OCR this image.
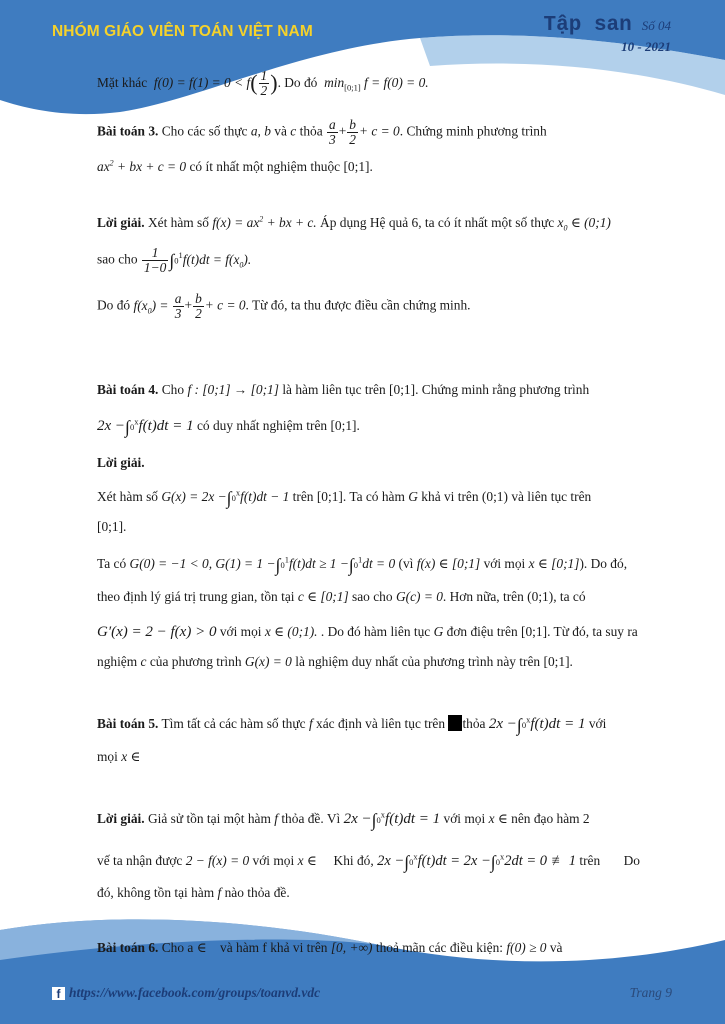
NHÓM GIÁO VIÊN TOÁN VIỆT NAM	Tập san Số 04
10 - 2021
Mặt khác  $f(0) = f(1) = 0 < f( \frac{1}{2}$ ). Do đó  $\min_{[0;1]} f = f(0) = 0$.
Bài toán 3. Cho các số thực a, b và c thỏa $\frac{a}{3} + \frac{b}{2} + c = 0$. Chứng minh phương trình
$ax^2$ + bx + c = 0 có ít nhất một nghiệm thuộc [0;1].
Lời giải. Xét hàm số $f(x) = ax^2$ + bx + c. Áp dụng Hệ quả 6, ta có ít nhất một số thực $x_0$ ∈ (0;1)
sao cho $\frac{1}{1-0} \int 0^1f(t)dt = f(x_0)$.
Do đó $f(x_0) = \frac{a}{3} + \frac{b}{2} + c = 0$. Từ đó, ta thu được điều cần chứng minh.
Bài toán 4. Cho f : [0;1] → [0;1] là hàm liên tục trên [0;1]. Chứng minh rằng phương trình
$2x -\int 0^xf(t)dt = 1$ có duy nhất nghiệm trên [0;1].
Lời giải.
Xét hàm số $G(x) = 2x -\int 0^xf(t)dt - 1$ trên [0;1]. Ta có hàm G khả vi trên (0;1) và liên tục trên
[0;1].
Ta có G(0) = −1 < 0, $G(1) = 1 -\int 0^1f(t)dt \ge 1 -\int 0^1dt = 0$ (vì f(x) ∈ [0;1] với mọi x ∈ [0;1]). Do đó,
theo định lý giá trị trung gian, tồn tại c ∈ [0;1] sao cho G(c) = 0. Hơn nữa, trên (0;1), ta có
G′(x) = 2 − f(x) > 0 với mọi x ∈ (0;1). . Do đó hàm liên tục G đơn điệu trên [0;1]. Từ đó, ta suy ra
nghiệm c của phương trình G(x) = 0 là nghiệm duy nhất của phương trình này trên [0;1].
Bài toán 5. Tìm tất cả các hàm số thực f xác định và liên tục trên thỏa $2x -\int 0^xf(t)dt = 1$ với
mọi x ∈
Lời giải. Giả sử tồn tại một hàm f thỏa đề. Vì $2x -\int 0^xf(t)dt = 1$ với mọi x ∈ nên đạo hàm 2
vế ta nhận được 2 − f(x) = 0 với mọi x ∈ Khi đó, $2x -\int 0^xf(t)dt = 2x -\int 0^x2dt = 0$ ≢ 1 trên Do
đó, không tồn tại hàm f nào thỏa đề.
Bài toán 6. Cho a ∈ và hàm f khả vi trên [0, +∞) thoả mãn các điều kiện: f(0) ≥ 0 và
f https://www.facebook.com/groups/toanvd.vdc	Trang 9
